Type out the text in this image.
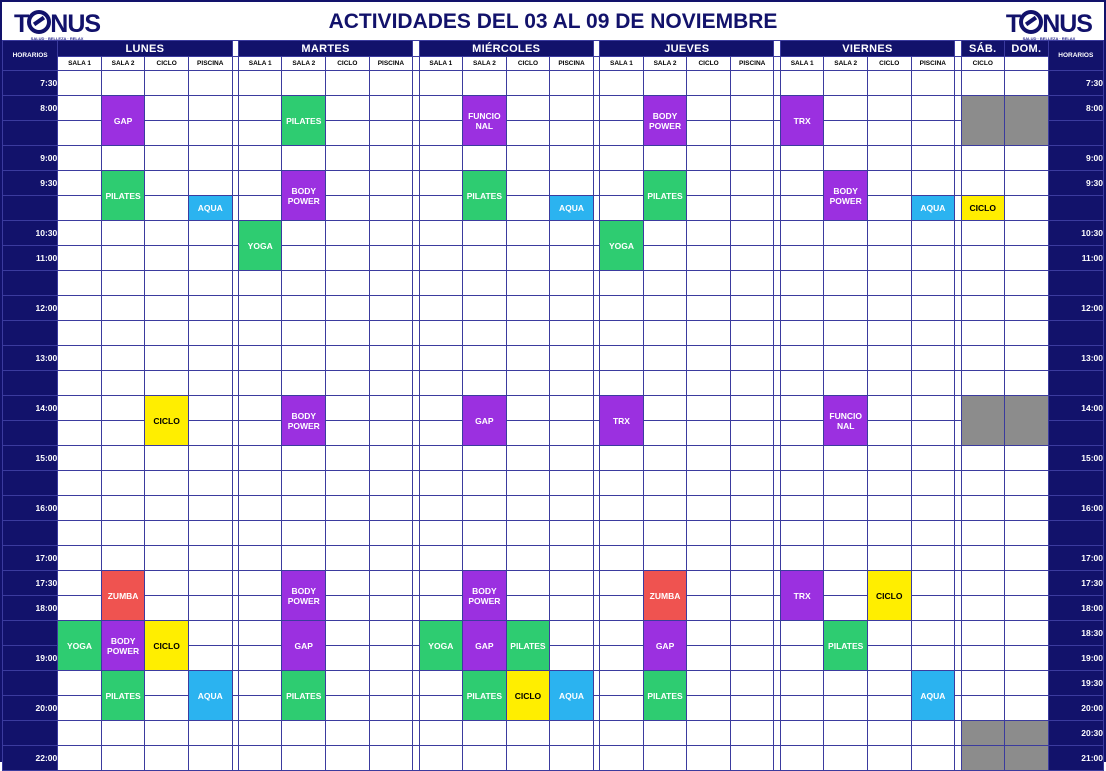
T NUS
SALUD · BELLEZA · RELAX
ACTIVIDADES DEL 03 AL 09 DE NOVIEMBRE	T NUS
SALUD · BELLEZA · RELAX
HORARIOS	LUNES					MARTES					MIÉRCOLES					JUEVES					VIERNES					SÁB.	DOM.	HORARIOS
	SALA 1	SALA 2	CICLO	PISCINA		SALA 1	SALA 2	CICLO	PISCINA		SALA 1	SALA 2	CICLO	PISCINA		SALA 1	SALA 2	CICLO	PISCINA		SALA 1	SALA 2	CICLO	PISCINA		CICLO		
7:30																												7:30
8:00		GAP					PILATES					FUNCIO NAL					BODY POWER				TRX							8:00

9:00																												9:00
9:30		PILATES					BODY POWER					PILATES					PILATES					BODY POWER						9:30
				AQUA										AQUA										AQUA		CICLO		
10:30						YOGA										YOGA												10:30
11:00																												11:00

12:00																												12:00

13:00																												13:00

14:00			CICLO				BODY POWER					GAP				TRX						FUNCIO NAL						14:00

15:00																												15:00

16:00																												16:00

17:00																												17:00
17:30		ZUMBA					BODY POWER					BODY POWER					ZUMBA				TRX		CICLO					17:30
18:00																												18:00
	YOGA	BODY POWER	CICLO				GAP				YOGA	GAP	PILATES				GAP					PILATES						18:30
19:00																												19:00
		PILATES		AQUA			PILATES					PILATES	CICLO	AQUA			PILATES							AQUA				19:30
20:00																												20:00
																												20:30
22:00																												21:00
